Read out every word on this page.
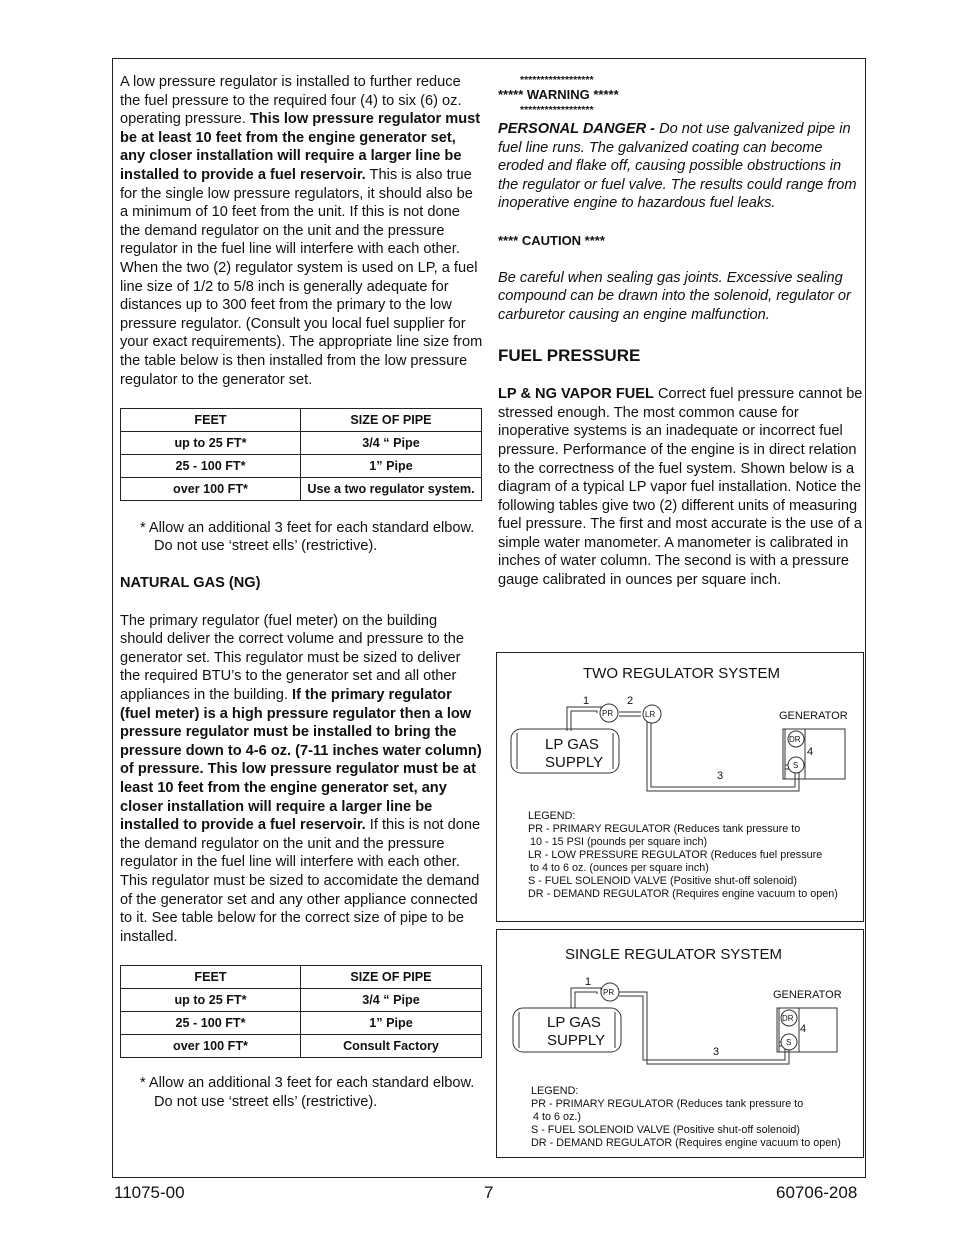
A low pressure regulator is installed to further reduce the fuel pressure to the required four (4) to six (6) oz. operating pressure. This low pressure regulator must be at least 10 feet from the engine generator set, any closer installation will require a larger line be installed to provide a fuel reservoir. This is also true for the single low pressure regulators, it should also be a minimum of 10 feet from the unit. If this is not done the demand regulator on the unit and the pressure regulator in the fuel line will interfere with each other. When the two (2) regulator system is used on LP, a fuel line size of 1/2 to 5/8 inch is generally adequate for distances up to 300 feet from the primary to the low pressure regulator. (Consult you local fuel supplier for your exact requirements). The appropriate line size from the table below is then installed from the low pressure regulator to the generator set.

FEET	SIZE OF PIPE
up to 25 FT*	3/4 “ Pipe
25 - 100 FT*	1” Pipe
over 100 FT*	Use a two regulator system.

* Allow an additional 3 feet for each standard elbow. Do not use ‘street ells’ (restrictive).

NATURAL GAS (NG)

The primary regulator (fuel meter) on the building should deliver the correct volume and pressure to the generator set. This regulator must be sized to deliver the required BTU’s to the generator set and all other appliances in the building. If the primary regulator (fuel meter) is a high pressure regulator then a low pressure regulator must be installed to bring the pressure down to 4-6 oz. (7-11 inches water column) of pressure. This low pressure regulator must be at least 10 feet from the engine generator set, any closer installation will require a larger line be installed to provide a fuel reservoir. If this is not done the demand regulator on the unit and the pressure regulator in the fuel line will interfere with each other. This regulator must be sized to accomidate the demand of the generator set and any other appliance connected to it. See table below for the correct size of pipe to be installed.

FEET	SIZE OF PIPE
up to 25 FT*	3/4 “ Pipe
25 - 100 FT*	1” Pipe
over 100 FT*	Consult Factory

* Allow an additional 3 feet for each standard elbow. Do not use ‘street ells’ (restrictive).

******************
***** WARNING *****
******************

PERSONAL DANGER - Do not use galvanized pipe in fuel line runs. The galvanized coating can become eroded and flake off, causing possible obstructions in the regulator or fuel valve. The results could range from inoperative engine to hazardous fuel leaks.

**** CAUTION ****

Be careful when sealing gas joints. Excessive sealing compound can be drawn into the solenoid, regulator or carburetor causing an engine malfunction.

FUEL PRESSURE

LP & NG VAPOR FUEL Correct fuel pressure cannot be stressed enough. The most common cause for inoperative systems is an inadequate or incorrect fuel pressure. Performance of the engine is in direct relation to the correctness of the fuel system. Shown below is a diagram of a typical LP vapor fuel installation. Notice the following tables give two (2) different units of measuring fuel pressure. The first and most accurate is the use of a simple water manometer. A manometer is calibrated in inches of water column. The second is with a pressure gauge calibrated in ounces per square inch.

TWO REGULATOR SYSTEM
LP GAS
SUPPLY
PR
1	2
LR
3
GENERATOR
DR
S
4
LEGEND:
PR - PRIMARY REGULATOR (Reduces tank pressure to
10 - 15 PSI (pounds per square inch)
LR - LOW PRESSURE REGULATOR (Reduces fuel pressure
to 4 to 6 oz. (ounces per square inch)
S - FUEL SOLENOID VALVE (Positive shut-off solenoid)
DR - DEMAND REGULATOR (Requires engine vacuum to open)
SINGLE REGULATOR SYSTEM
LP GAS
SUPPLY
PR
1
3
GENERATOR
DR
S
4
LEGEND:
PR - PRIMARY REGULATOR (Reduces tank pressure to
4 to 6 oz.)
S - FUEL SOLENOID VALVE (Positive shut-off solenoid)
DR - DEMAND REGULATOR (Requires engine vacuum to open)
11075-00	7	60706-208
